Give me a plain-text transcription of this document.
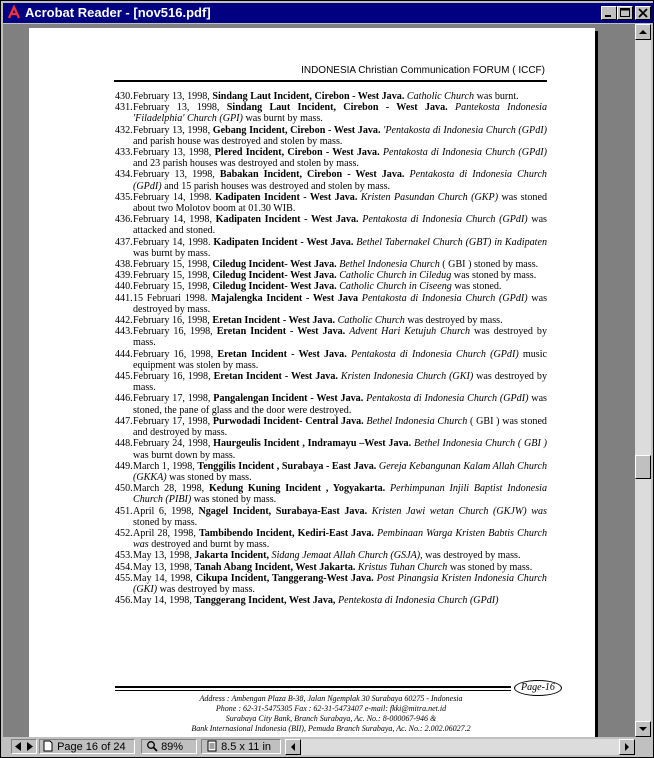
Acrobat Reader - [nov516.pdf]
INDONESIA Christian Communication FORUM ( ICCF)
430. February 13, 1998, Sindang Laut Incident, Cirebon - West Java. Catholic Church was burnt.
431. February 13, 1998, Sindang Laut Incident, Cirebon - West Java. Pantekosta Indonesia 'Filadelphia' Church (GPI) was burnt by mass.
432. February 13, 1998, Gebang Incident, Cirebon - West Java. 'Pentakosta di Indonesia Church (GPdI) and parish house was destroyed and stolen by mass.
433. February 13, 1998, Plered Incident, Cirebon - West Java. Pentakosta di Indonesia Church (GPdI) and 23 parish houses was destroyed and stolen by mass.
434. February 13, 1998, Babakan Incident, Cirebon - West Java. Pentakosta di Indonesia Church (GPdI) and 15 parish houses was destroyed and stolen by mass.
435. February 14, 1998. Kadipaten Incident - West Java. Kristen Pasundan Church (GKP) was stoned about two Molotov boom at 01.30 WIB.
436. February 14, 1998, Kadipaten Incident - West Java. Pentakosta di Indonesia Church (GPdI) was attacked and stoned.
437. February 14, 1998. Kadipaten Incident - West Java. Bethel Tabernakel Church (GBT) in Kadipaten was burnt by mass.
438. February 15, 1998, Ciledug Incident- West Java. Bethel Indonesia Church ( GBI ) stoned by mass.
439. February 15, 1998, Ciledug Incident- West Java. Catholic Church in Ciledug was stoned by mass.
440. February 15, 1998, Ciledug Incident- West Java. Catholic Church in Ciseeng was stoned.
441. 15 Februari 1998. Majalengka Incident - West Java Pentakosta di Indonesia Church (GPdI) was destroyed by mass.
442. February 16, 1998, Eretan Incident - West Java. Catholic Church was destroyed by mass.
443. February 16, 1998, Eretan Incident - West Java. Advent Hari Ketujuh Church was destroyed by mass.
444. February 16, 1998, Eretan Incident - West Java. Pentakosta di Indonesia Church (GPdI) music equipment was stolen by mass.
445. February 16, 1998, Eretan Incident - West Java. Kristen Indonesia Church (GKI) was destroyed by mass.
446. February 17, 1998, Pangalengan Incident - West Java. Pentakosta di Indonesia Church (GPdI) was stoned, the pane of glass and the door were destroyed.
447. February 17, 1998, Purwodadi Incident- Central Java. Bethel Indonesia Church ( GBI ) was stoned and destroyed by mass.
448. February 24, 1998, Haurgeulis Incident , Indramayu –West Java. Bethel Indonesia Church ( GBI ) was burnt down by mass.
449. March 1, 1998, Tenggilis Incident , Surabaya - East Java. Gereja Kebangunan Kalam Allah Church (GKKA) was stoned by mass.
450. March 28, 1998, Kedung Kuning Incident , Yogyakarta. Perhimpunan Injili Baptist Indonesia Church (PIBI) was stoned by mass.
451. April 6, 1998, Ngagel Incident, Surabaya-East Java. Kristen Jawi wetan Church (GKJW) was stoned by mass.
452. April 28, 1998, Tambibendo Incident, Kediri-East Java. Pembinaan Warga Kristen Babtis Church was destroyed and burnt by mass.
453. May 13, 1998, Jakarta Incident, Sidang Jemaat Allah Church (GSJA), was destroyed by mass.
454. May 13, 1998, Tanah Abang Incident, West Jakarta. Kristus Tuhan Church was stoned by mass.
455. May 14, 1998, Cikupa Incident, Tanggerang-West Java. Post Pinangsia Kristen Indonesia Church (GKI) was destroyed by mass.
456. May 14, 1998, Tanggerang Incident, West Java, Pentekosta di Indonesia Church (GPdI)
Page-16
Address : Ambengan Plaza B-38, Jalan Ngemplak 30 Surabaya 60275 - Indonesia
Phone : 62-31-5475305 Fax : 62-31-5473407 e-mail: fkki@mitra.net.id
Surabaya City Bank, Branch Surabaya, Ac. No.: 8-000067-946 &
Bank Internasional Indonesia (BII), Pemuda Branch Surabaya, Ac. No.: 2.002.06027.2
Page 16 of 24	89%	8.5 x 11 in
